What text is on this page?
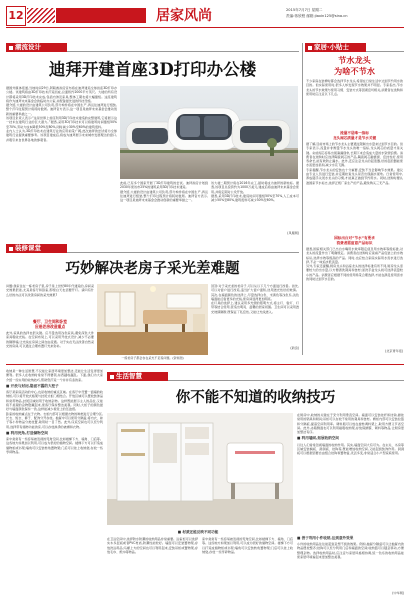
12	居家风尚	2015年7月7日 星期二
责编:蒋欣程 邮箱:jiaxin125@sina.cn
潮流设计
迪拜开建首座3D打印办公楼

据国外媒体报道,当地时间29日,阿联酋政府宣布将在迪拜建造全球首座3D打印办公楼。该建筑将由3D打印技术打造而成,总面积约2000平方英尺。大楼的所有设计都将采用3D打印技术完成,包括内饰及家具,整体工期也将大幅缩短。这座建筑将作为迪拜未来基金会的临时办公室,并配备最先进的科技设施。

据介绍,大楼的设计由建筑公司负责,部分构件将在中国生产,再运往迪拜进行组装,整个打印过程预计将耗时数周。迪拜官方表示,这一项目是迪拜未来基金会推动创新的重要举措之一。

该项目负责人表示:“这是世界上首座利用3D打印技术建造的完整建筑,它将展示这一技术在建筑行业的巨大潜力。”据悉,采用3D打印技术可以将建筑时间缩短50%至70%,劳动力成本降低50%至80%,同时减少30%至60%的建筑废料。

业内人士认为,3D打印技术在建筑行业的应用前景广阔,此次迪拜的尝试将为全球建筑行业提供重要参考。该项目建成后,将成为迪拜展示未来城市发展理念的窗口,并吸引来自世界各地的参观者。

此前,已有多个国家开展了3D打印建筑的尝试。迪拜政府计划到2030年使该市25%的建筑采用3D打印技术建造。

据介绍,大楼的设计由建筑公司负责,部分构件将在中国生产,再运往迪拜进行组装,整个打印过程预计将耗时数周。迪拜官方表示,这一项目是迪拜未来基金会推动创新的重要举措之一。

该大楼二期预计将在2016年完工,届时将成为迪拜的新地标。据悉,该项目总投资约为1000万美元,建成后将由迪拜未来基金会使用,并将定期对公众开放。

据悉,采用3D打印技术,建造时间可缩短50%至70%,人工成本可减少50%至80%,建筑废料可减少30%至60%。

(凤凰网)
家居·小贴士
节水龙头
为啥不节水
不少家庭在装修时都会选择节水龙头,希望在日常生活中达到节约用水的目的。但实际使用时,很多人却发现节水效果并不明显。专家指出,节水龙头的节水效果与使用习惯、安装方式等因素密切相关,消费者在选购和使用时应注意以下几点。
流量不是唯一指标
龙头阀芯质量才是节水关键

据了解,目前市场上的节水龙头主要通过限制出水量来达到节水目的。但专家表示,流量并非衡量节水龙头的唯一指标,龙头阀芯的质量才是关键。劣质阀芯容易出现滴漏现象,长期下来会造成大量的水资源浪费。消费者在选购时应选择陶瓷阀芯的产品,陶瓷阀芯耐磨损、密封性好,使用寿命长,能有效防止漏水。此外,还应注意龙头的起泡器,好的起泡器能使水流更加柔和,减少水花飞溅。

专家提醒,节水龙头的安装也十分重要,安装不当会影响节水效果。建议由专业人员进行安装,并定期检查龙头是否出现漏水现象。日常使用中,养成随手关闭水龙头的习惯,才能真正做到节约用水。同时,选购时要认准国家节水标志,选择正规厂家生产的产品,避免购买三无产品。

国标出台对“节水”有要求
消费者需留意产品标识

据悉,国家相关部门已出台水嘴用水效率限定值及用水效率等级标准,对龙头的流量作出了明确规定。消费者在选购时应查看产品包装上的水效标识,选择水效等级高的产品。同时,也应结合家庭实际用水需求进行选择,不必一味追求低流量。

另外,专家还提醒,厨房龙头和浴室龙头的选择标准有所不同,厨房龙头需要较大的出水量,以方便清洗餐具和食材;而洗手盆龙头则可选择流量较小的产品。消费者应根据不同的使用场景合理选择,才能在满足使用需求的同时达到节水目的。

(北京青年报)
装修课堂
巧妙解决老房子采光差难题

问题:我家住在一栋老房子里,房子是上世纪80年代建造的,房间采光效果很差,尤其是客厅和卧室,即使白天也需要开灯。请问有什么好的办法可以改善房间的采光效果?

餐厅、卫生间和卧室
应是老房改造重点

此外,家具的选择也很关键。应尽量选用浅色家具,避免深色大件家具吸收光线。在空间布局上,可以采用开放式设计,减少不必要的隔断墙,让光线在房间之间自由流通。对于实在无法改善自然采光的房间,可以通过合理布置灯光来弥补。

回答:对于采光差的老房子,可以从以下几个方面进行改善。首先,可以对窗户进行改造,适当扩大窗户面积,选用透光性好的玻璃。其次,在墙面颜色的选择上,尽量选择白色、米黄色等浅色系,浅色墙面能反射更多的光线,使房间显得更加明亮。

在灯具的选择上,建议采用多光源的照明方式,将主灯、射灯、灯带等结合使用,营造出明亮、温馨的居家氛围。卫生间可以采用透光玻璃隔断,既保证了私密性,又能让光线透入。

(新浪)
一般老房子都会存在采光不足等问题。(资料图)

收纳是一种生活智慧,不仅能让家居环境更加整洁,还能让生活变得更加便利。很多人在收纳时常常不得要领,东西越收越乱。下面,我们为大家介绍一些实用的收纳技巧,帮助您打造一个井井有条的家。

■ 开放与封闭,隐而不露的大柜子

客厅是家庭活动的中心,也是收纳的重点区域。在客厅中设置一面墙的收纳柜,可以将开放式格架与封闭式柜门相结合。开放区域可以摆放装饰品和常用物品,封闭区域则用于收纳杂物。这样既能展示主人的品位,又能将不美观的杂物隐藏起来,使客厅保持整洁美观。同时,大柜子的颜色最好与墙面颜色保持一致,这样能减少视觉上的压迫感。

卧室的收纳重点在于衣物。衣柜内部可以根据衣物的种类进行合理分区,长衣、短衣、裤子、配饰分开存放。抽屉中可以使用分隔盒,将内衣、袜子等小件物品分类放置,取用时一目了然。此外,床底空间也可以充分利用,选择带有储物功能的床,可以存放换季的被褥和衣物。

■ 利用死角,打造储物空间

家中常常有一些容易被忽视的死角空间,比如楼梯下方、墙角、门后等。这些地方如果加以利用,可以成为很好的储物空间。楼梯下方可以打造成储物柜或书架;墙角可以安装转角置物架;门后可以挂上收纳袋,存放一些零碎物品。

生活智慧
你不能不知道的收纳技巧

在厨房中,收纳的关键在于充分利用垂直空间。墙面可以安装挂杆和挂钩,悬挂常用的锅具和厨具;吊柜可以存放不常用的餐具和食材。橱柜内部可以安装拉篮和分隔板,提高空间利用率。调料瓶可以放在旋转调料架上,取用方便又节省空间。此外,冰箱侧面也可以利用磁吸收纳架,存放保鲜膜、调料等物品,让厨房更加整洁有序。

■ 利用墙面,拓展收纳空间

以往人们常常忽视墙面的收纳作用。其实,墙面空间大有可为。在玄关、书房等区域安装搁板、洞洞板、挂钩等,既能增加收纳空间,又能起到装饰作用。洞洞板可以根据需要自由组合挂钩和置物盒,灵活多变,非常适合小户型家庭使用。

■ 材质还能反映不同功能

在卫浴空间中,选择防水防潮的收纳用品非常重要。浴室柜可以选择实木多层板或者PVC材质,防潮性能较好。墙面可以安装置物架,存放洗浴用品;马桶上方的空间也可以利用起来,安装吊柜或置物架,存放毛巾、纸巾等物品。

家中常常有一些容易被忽视的死角空间,比如楼梯下方、墙角、门后等。这些地方如果加以利用,可以成为很好的储物空间。楼梯下方可以打造成储物柜或书架;墙角可以安装转角置物架;门后可以挂上收纳袋,存放一些零碎物品。

■ 善于利用小件收纳,达到意外效果

小件的收纳用品往往能起到意想不到的效果。例如,抽屉分隔盒可以让抽屉内的物品摆放整齐;挂钩可以充分利用门后和墙面的空间;收纳篮可以随意移动,方便整理杂物。选择收纳用品时,应注意与家居风格相协调,统一色系的收纳用品能使家居环境看起来更加整洁美观。

(中华网)
